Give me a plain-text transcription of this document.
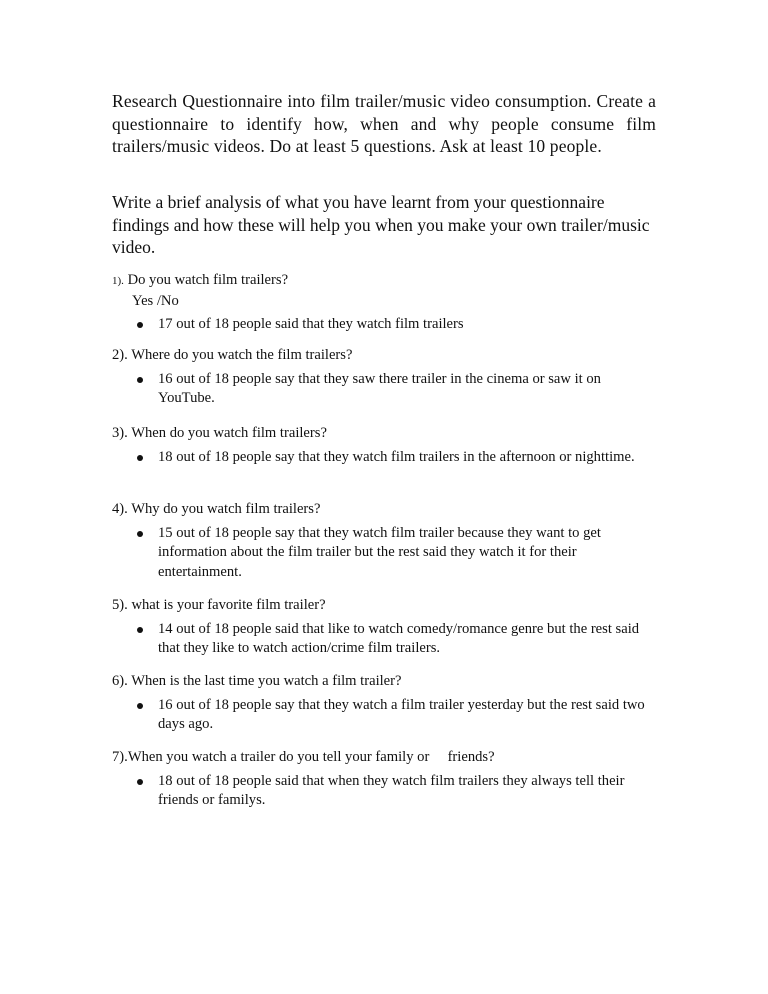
Research Questionnaire into film trailer/music video consumption. Create a questionnaire to identify how, when and why people consume film trailers/music videos. Do at least 5 questions. Ask at least 10 people.

Write a brief analysis of what you have learnt from your questionnaire findings and how these will help you when you make your own trailer/music video.

1). Do you watch film trailers?

Yes /No

17 out of 18 people said that they watch film trailers

2). Where do you watch the film trailers?

16 out of 18 people say that they saw there trailer in the cinema or saw it on YouTube.

3). When do you watch film trailers?

18 out of 18 people say that they watch film trailers in the afternoon or nighttime.

4). Why do you watch film trailers?

15 out of 18 people say that they watch film trailer because they want to get information about the film trailer but the rest said they watch it for their entertainment.

5). what is your favorite film trailer?

14 out of 18 people said that like to watch comedy/romance genre but the rest said that they like to watch action/crime film trailers.

6). When is the last time you watch a film trailer?

16 out of 18 people say that they watch a film trailer yesterday but the rest said two days ago.

7).When you watch a trailer do you tell your family or     friends?

18 out of 18 people said that when they watch film trailers they always tell their friends or familys.
